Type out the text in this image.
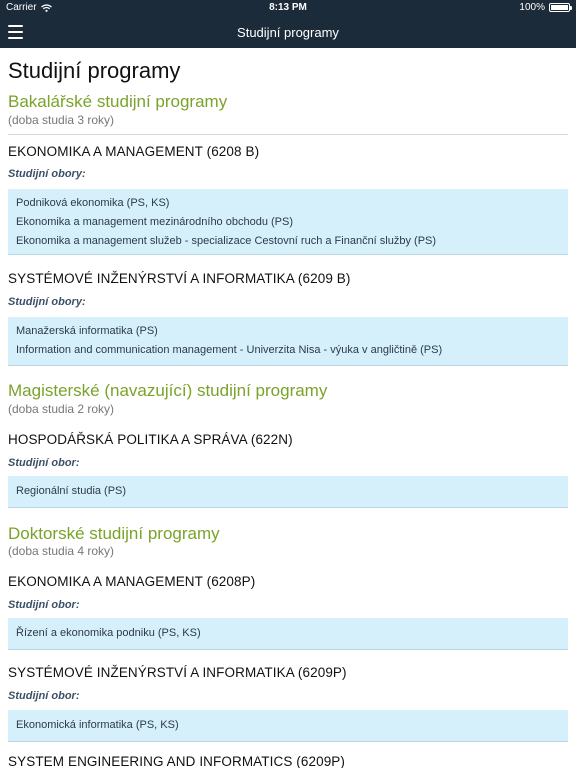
Carrier	8:13 PM	100%
Studijní programy
Studijní programy
Bakalářské studijní programy
(doba studia 3 roky)
EKONOMIKA A MANAGEMENT (6208 B)
Studijní obory:
Podniková ekonomika (PS, KS)
Ekonomika a management mezinárodního obchodu (PS)
Ekonomika a management služeb - specializace Cestovní ruch a Finanční služby (PS)
SYSTÉMOVÉ INŽENÝRSTVÍ A INFORMATIKA (6209 B)
Studijní obory:
Manažerská informatika (PS)
Information and communication management - Univerzita Nisa - výuka v angličtině (PS)
Magisterské (navazující) studijní programy
(doba studia 2 roky)
HOSPODÁŘSKÁ POLITIKA A SPRÁVA (622N)
Studijní obor:
Regionální studia (PS)
Doktorské studijní programy
(doba studia 4 roky)
EKONOMIKA A MANAGEMENT (6208P)
Studijní obor:
Řízení a ekonomika podniku (PS, KS)
SYSTÉMOVÉ INŽENÝRSTVÍ A INFORMATIKA (6209P)
Studijní obor:
Ekonomická informatika (PS, KS)
SYSTEM ENGINEERING AND INFORMATICS (6209P)
